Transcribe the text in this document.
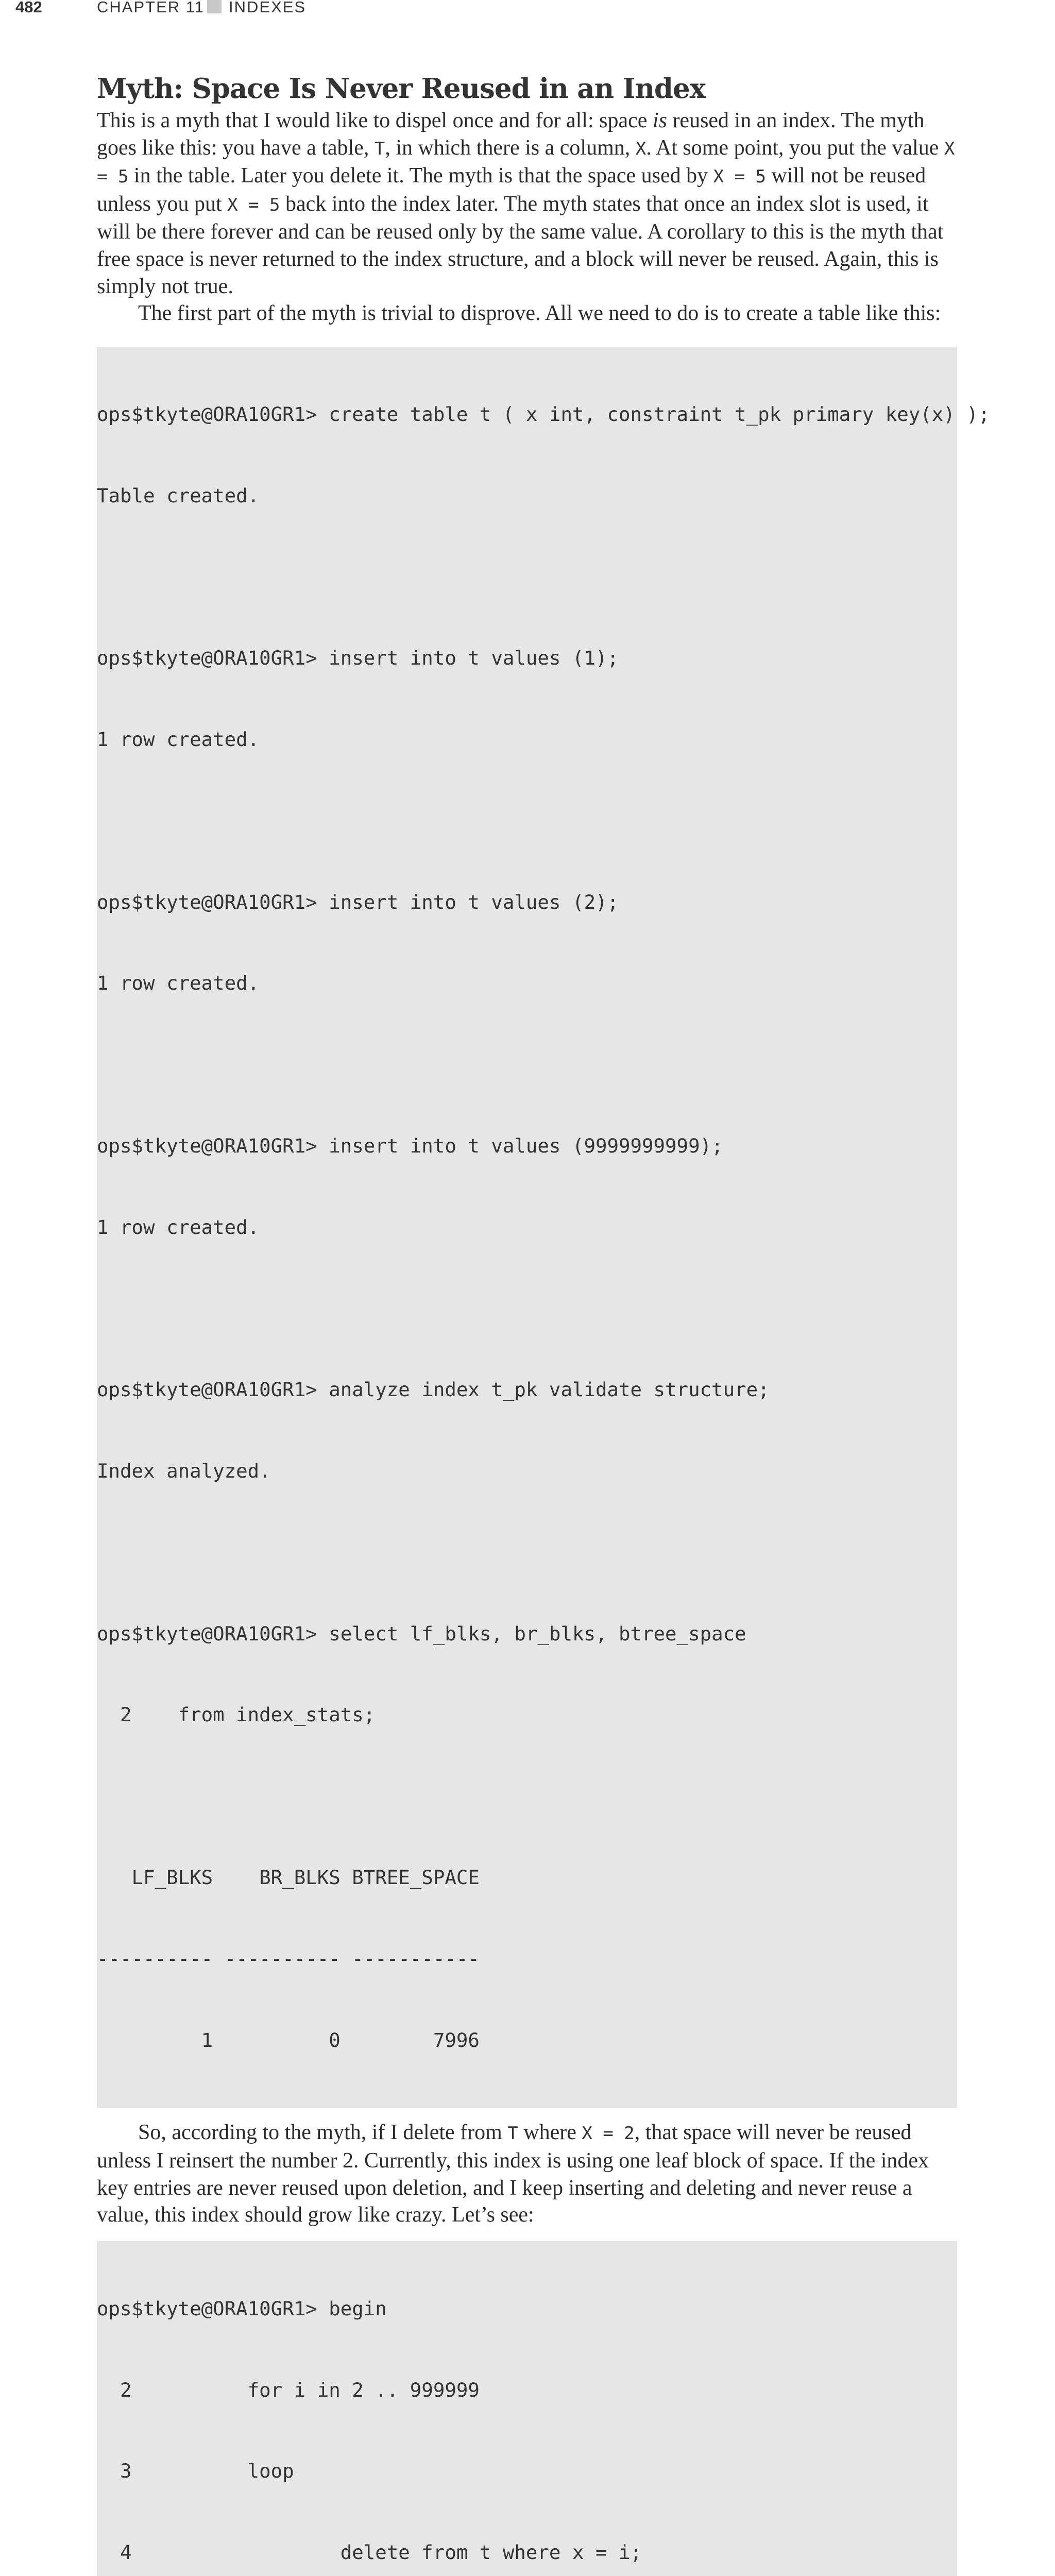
482	CHAPTER 11 INDEXES
Myth: Space Is Never Reused in an Index

This is a myth that I would like to dispel once and for all: space is reused in an index. The myth goes like this: you have a table, T, in which there is a column, X. At some point, you put the value X = 5 in the table. Later you delete it. The myth is that the space used by X = 5 will not be reused unless you put X = 5 back into the index later. The myth states that once an index slot is used, it will be there forever and can be reused only by the same value. A corollary to this is the myth that free space is never returned to the index structure, and a block will never be reused. Again, this is simply not true.

The first part of the myth is trivial to disprove. All we need to do is to create a table like this:

ops$tkyte@ORA10GR1> create table t ( x int, constraint t_pk primary key(x) );

Table created.

ops$tkyte@ORA10GR1> insert into t values (1);

1 row created.

ops$tkyte@ORA10GR1> insert into t values (2);

1 row created.

ops$tkyte@ORA10GR1> insert into t values (9999999999);

1 row created.

ops$tkyte@ORA10GR1> analyze index t_pk validate structure;

Index analyzed.

ops$tkyte@ORA10GR1> select lf_blks, br_blks, btree_space

2    from index_stats;

LF_BLKS    BR_BLKS BTREE_SPACE

---------- ---------- -----------

1          0        7996

So, according to the myth, if I delete from T where X = 2, that space will never be reused unless I reinsert the number 2. Currently, this index is using one leaf block of space. If the index key entries are never reused upon deletion, and I keep inserting and deleting and never reuse a value, this index should grow like crazy. Let’s see:

ops$tkyte@ORA10GR1> begin

2          for i in 2 .. 999999

3          loop

4                  delete from t where x = i;
